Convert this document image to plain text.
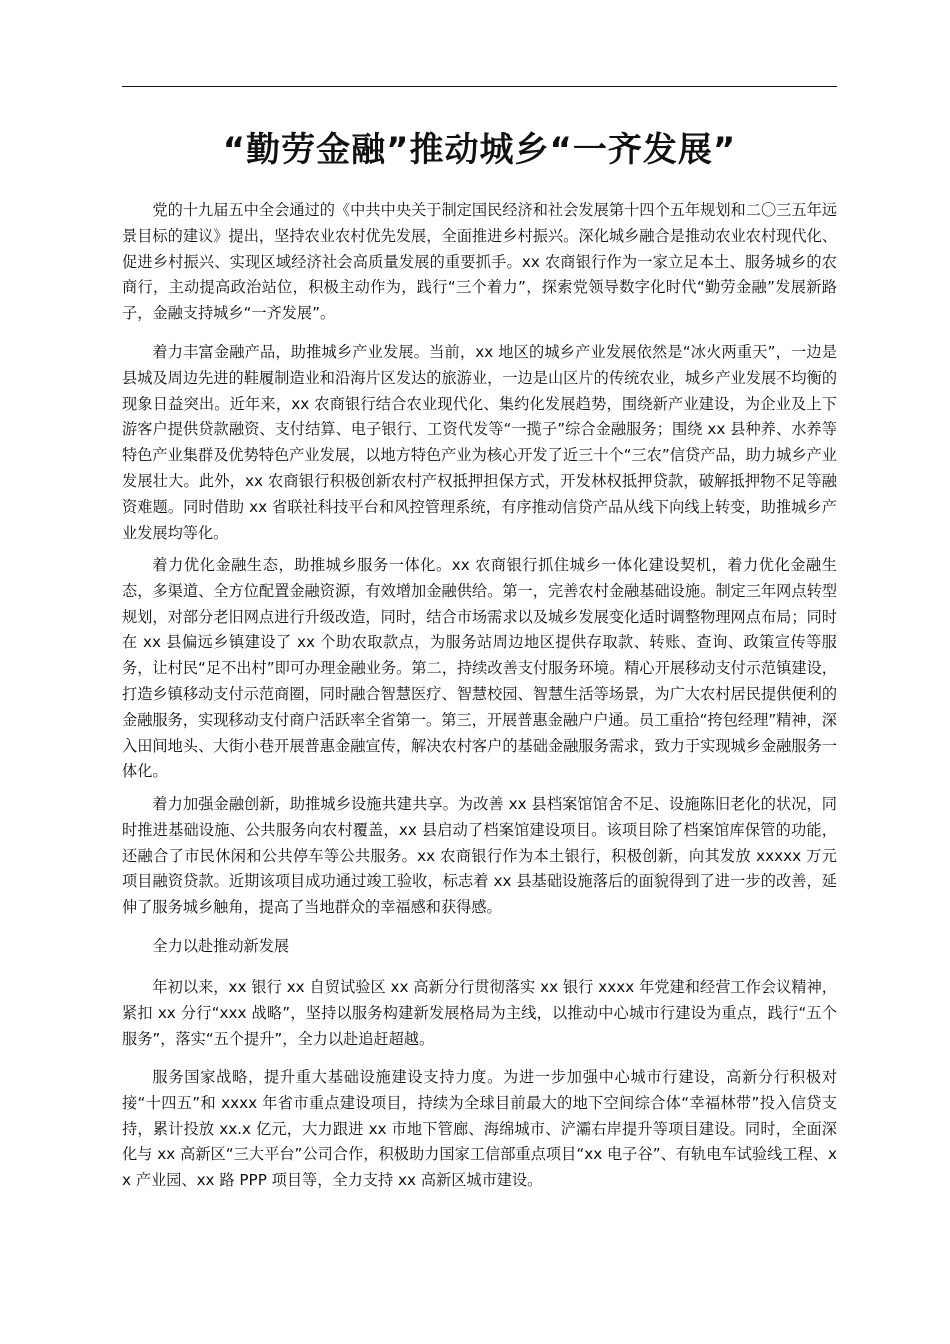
“勤劳金融”推动城乡“一齐发展”

党的十九届五中全会通过的《中共中央关于制定国民经济和社会发展第十四个五年规划和二〇三五年远景目标的建议》提出，坚持农业农村优先发展，全面推进乡村振兴。深化城乡融合是推动农业农村现代化、促进乡村振兴、实现区域经济社会高质量发展的重要抓手。xx 农商银行作为一家立足本土、服务城乡的农商行，主动提高政治站位，积极主动作为，践行“三个着力”，探索党领导数字化时代“勤劳金融”发展新路子，金融支持城乡“一齐发展”。

着力丰富金融产品，助推城乡产业发展。当前，xx 地区的城乡产业发展依然是“冰火两重天”，一边是县城及周边先进的鞋履制造业和沿海片区发达的旅游业，一边是山区片的传统农业，城乡产业发展不均衡的现象日益突出。近年来，xx 农商银行结合农业现代化、集约化发展趋势，围绕新产业建设，为企业及上下游客户提供贷款融资、支付结算、电子银行、工资代发等“一揽子”综合金融服务；围绕 xx 县种养、水养等特色产业集群及优势特色产业发展，以地方特色产业为核心开发了近三十个“三农”信贷产品，助力城乡产业发展壮大。此外，xx 农商银行积极创新农村产权抵押担保方式，开发林权抵押贷款，破解抵押物不足等融资难题。同时借助 xx 省联社科技平台和风控管理系统，有序推动信贷产品从线下向线上转变，助推城乡产业发展均等化。

着力优化金融生态，助推城乡服务一体化。xx 农商银行抓住城乡一体化建设契机，着力优化金融生态，多渠道、全方位配置金融资源，有效增加金融供给。第一，完善农村金融基础设施。制定三年网点转型规划，对部分老旧网点进行升级改造，同时，结合市场需求以及城乡发展变化适时调整物理网点布局；同时在 xx 县偏远乡镇建设了 xx 个助农取款点，为服务站周边地区提供存取款、转账、查询、政策宣传等服务，让村民“足不出村”即可办理金融业务。第二，持续改善支付服务环境。精心开展移动支付示范镇建设，打造乡镇移动支付示范商圈，同时融合智慧医疗、智慧校园、智慧生活等场景，为广大农村居民提供便利的金融服务，实现移动支付商户活跃率全省第一。第三，开展普惠金融户户通。员工重拾“挎包经理”精神，深入田间地头、大街小巷开展普惠金融宣传，解决农村客户的基础金融服务需求，致力于实现城乡金融服务一体化。

着力加强金融创新，助推城乡设施共建共享。为改善 xx 县档案馆馆舍不足、设施陈旧老化的状况，同时推进基础设施、公共服务向农村覆盖，xx 县启动了档案馆建设项目。该项目除了档案馆库保管的功能，还融合了市民休闲和公共停车等公共服务。xx 农商银行作为本土银行，积极创新，向其发放 xxxxx 万元项目融资贷款。近期该项目成功通过竣工验收，标志着 xx 县基础设施落后的面貌得到了进一步的改善，延伸了服务城乡触角，提高了当地群众的幸福感和获得感。

全力以赴推动新发展

年初以来，xx 银行 xx 自贸试验区 xx 高新分行贯彻落实 xx 银行 xxxx 年党建和经营工作会议精神，紧扣 xx 分行“xxx 战略”，坚持以服务构建新发展格局为主线，以推动中心城市行建设为重点，践行“五个服务”，落实“五个提升”，全力以赴追赶超越。

服务国家战略，提升重大基础设施建设支持力度。为进一步加强中心城市行建设，高新分行积极对接“十四五”和 xxxx 年省市重点建设项目，持续为全球目前最大的地下空间综合体“幸福林带”投入信贷支持，累计投放 xx.x 亿元，大力跟进 xx 市地下管廊、海绵城市、浐灞右岸提升等项目建设。同时，全面深化与 xx 高新区“三大平台”公司合作，积极助力国家工信部重点项目“xx 电子谷”、有轨电车试验线工程、xx 产业园、xx 路 PPP 项目等，全力支持 xx 高新区城市建设。
